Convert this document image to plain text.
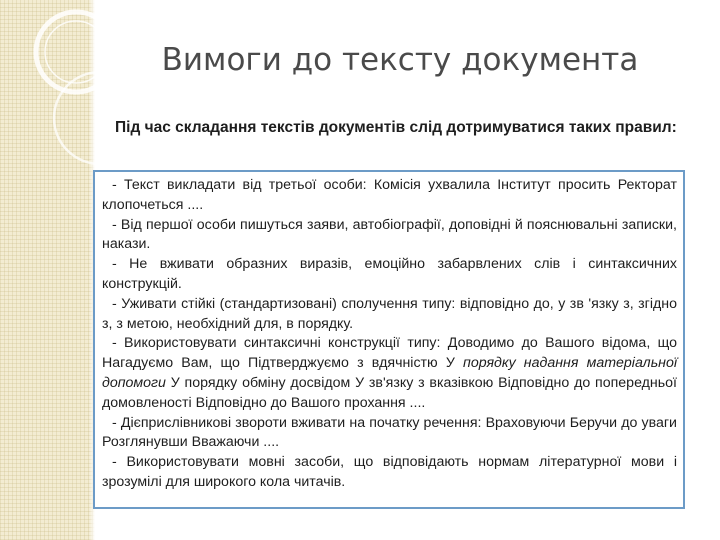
Вимоги до тексту документа

Під час складання текстів документів слід дотримуватися таких правил:

- Текст викладати від третьої особи: Комісія ухвалила Інститут просить Ректорат клопочеться ....

- Від першої особи пишуться заяви, автобіографії, доповідні й пояснювальні записки, накази.

- Не вживати образних виразів, емоційно забарвлених слів і синтаксичних конструкцій.

- Уживати стійкі (стандартизовані) сполучення типу: відповідно до, у зв 'язку з, згідно з, з метою, необхідний для, в порядку.

- Використовувати синтаксичні конструкції типу: Доводимо до Вашого відома, що Нагадуємо Вам, що Підтверджуємо з вдячністю У порядку надання матеріальної допомоги У порядку обміну досвідом У зв'язку з вказівкою Відповідно до попередньої домовленості Відповідно до Вашого прохання ....

- Дієприслівникові звороти вживати на початку речення: Враховуючи Беручи до уваги Розглянувши Вважаючи ....

- Використовувати мовні засоби, що відповідають нормам літературної мови і зрозумілі для широкого кола читачів.
